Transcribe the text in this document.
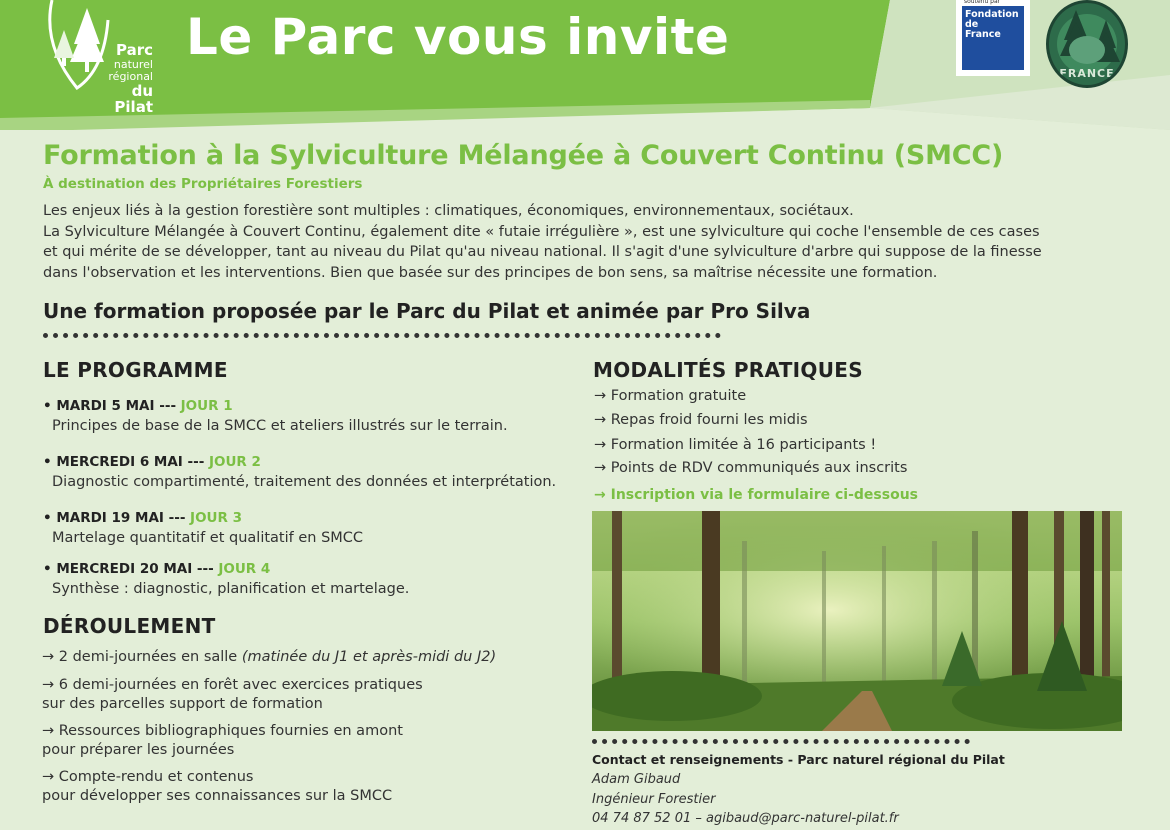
Parc
naturel
régional
du Pilat
Le Parc vous invite
soutenu par
Fondation
de
France
FRANCE
Formation à la Sylviculture Mélangée à Couvert Continu (SMCC)
À destination des Propriétaires Forestiers

Les enjeux liés à la gestion forestière sont multiples : climatiques, économiques, environnementaux, sociétaux.

La Sylviculture Mélangée à Couvert Continu, également dite « futaie irrégulière », est une sylviculture qui coche l'ensemble de ces cases et qui mérite de se développer, tant au niveau du Pilat qu'au niveau national. Il s'agit d'une sylviculture d'arbre qui suppose de la finesse dans l'observation et les interventions. Bien que basée sur des principes de bon sens, sa maîtrise nécessite une formation.

Une formation proposée par le Parc du Pilat et animée par Pro Silva
LE PROGRAMME
• MARDI 5 MAI --- JOUR 1
Principes de base de la SMCC et ateliers illustrés sur le terrain.
• MERCREDI 6 MAI --- JOUR 2
Diagnostic compartimenté, traitement des données et interprétation.
• MARDI 19 MAI --- JOUR 3
Martelage quantitatif et qualitatif en SMCC
• MERCREDI 20 MAI --- JOUR 4
Synthèse : diagnostic, planification et martelage.
DÉROULEMENT
→ 2 demi-journées en salle (matinée du J1 et après-midi du J2)
→ 6 demi-journées en forêt avec exercices pratiques
sur des parcelles support de formation
→ Ressources bibliographiques fournies en amont
pour préparer les journées
→ Compte-rendu et contenus
pour développer ses connaissances sur la SMCC
MODALITÉS PRATIQUES
→ Formation gratuite
→ Repas froid fourni les midis
→ Formation limitée à 16 participants !
→ Points de RDV communiqués aux inscrits
→ Inscription via le formulaire ci-dessous
Contact et renseignements - Parc naturel régional du Pilat
Adam Gibaud
Ingénieur Forestier
04 74 87 52 01 – agibaud@parc-naturel-pilat.fr
